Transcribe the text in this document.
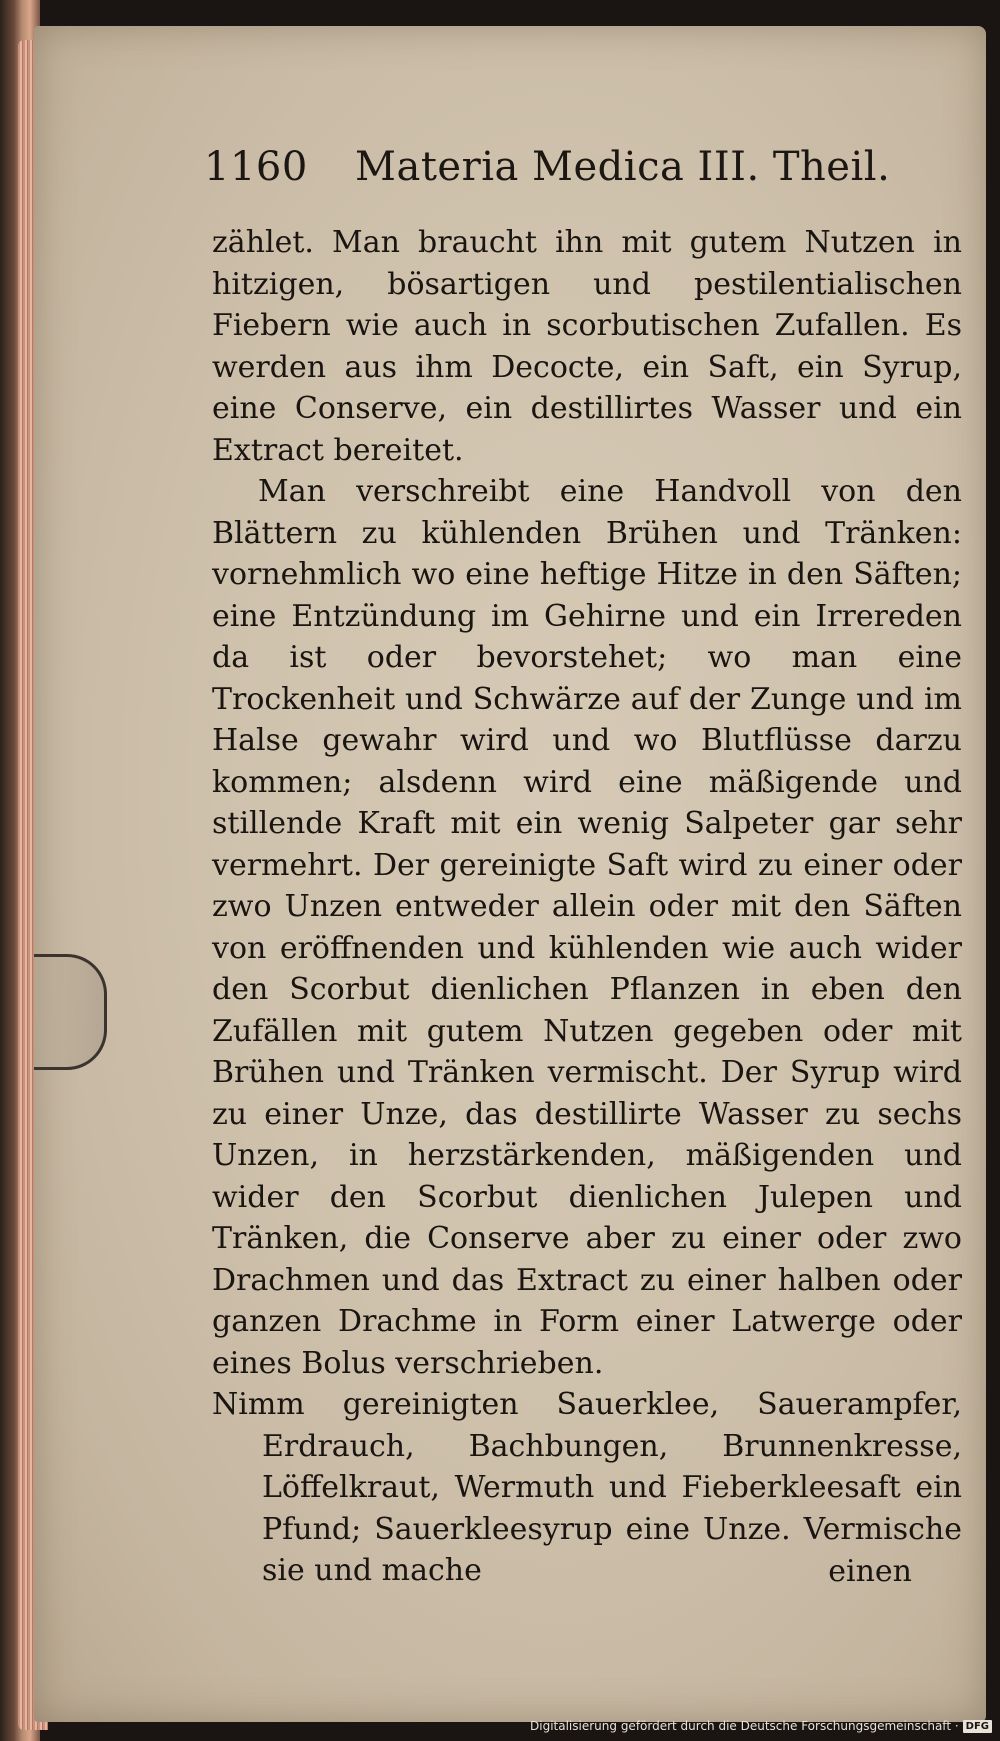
1160 Materia Medica III. Theil.

zählet. Man braucht ihn mit gutem Nutzen in hitzigen, bösartigen und pestilentialischen Fiebern wie auch in scorbutischen Zufallen. Es werden aus ihm Decocte, ein Saft, ein Syrup, eine Conserve, ein destillirtes Wasser und ein Extract bereitet.

Man verschreibt eine Handvoll von den Blättern zu kühlenden Brühen und Tränken: vornehmlich wo eine heftige Hitze in den Säften; eine Entzündung im Gehirne und ein Irrereden da ist oder bevorstehet; wo man eine Trockenheit und Schwärze auf der Zunge und im Halse gewahr wird und wo Blutflüsse darzu kommen; alsdenn wird eine mäßigende und stillende Kraft mit ein wenig Salpeter gar sehr vermehrt. Der gereinigte Saft wird zu einer oder zwo Unzen entweder allein oder mit den Säften von eröffnenden und kühlenden wie auch wider den Scorbut dienlichen Pflanzen in eben den Zufällen mit gutem Nutzen gegeben oder mit Brühen und Tränken vermischt. Der Syrup wird zu einer Unze, das destillirte Wasser zu sechs Unzen, in herzstärkenden, mäßigenden und wider den Scorbut dienlichen Julepen und Tränken, die Conserve aber zu einer oder zwo Drachmen und das Extract zu einer halben oder ganzen Drachme in Form einer Latwerge oder eines Bolus verschrieben.

Nimm gereinigten Sauerklee, Sauerampfer, Erdrauch, Bachbungen, Brunnenkresse, Löffelkraut, Wermuth und Fieberkleesaft ein Pfund; Sauerkleesyrup eine Unze. Vermische sie und mache	einen
Digitalisierung gefördert durch die Deutsche Forschungsgemeinschaft · DFG
